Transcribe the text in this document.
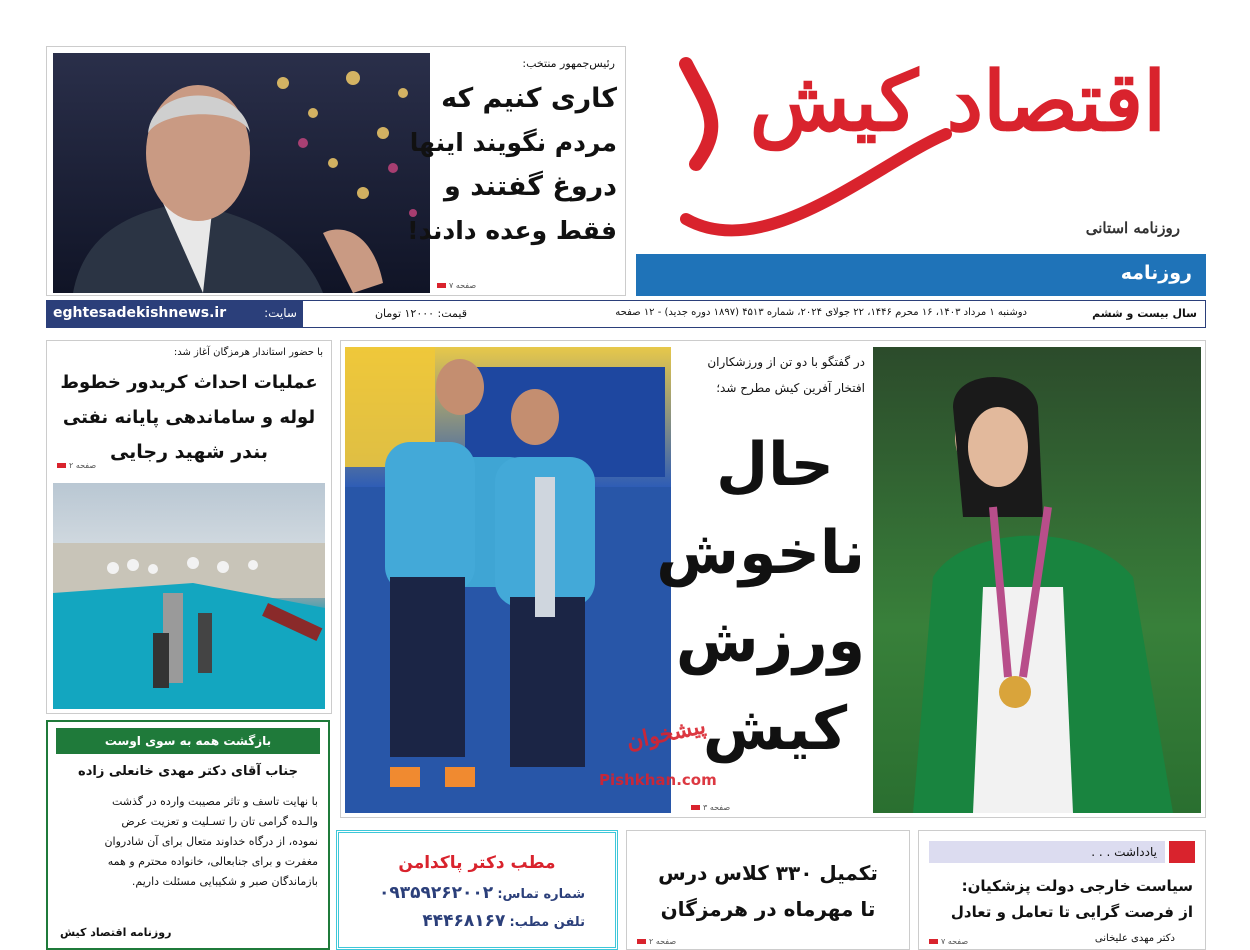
اقتصاد کیش
روزنامه استانی
روزنامه
رئیس‌جمهور منتخب:
کاری کنیم که
مردم نگویند اینها
دروغ گفتند و
فقط وعده دادند!
صفحه ۷
eghtesadekishnews.ir	سایت:	قیمت: ۱۲۰۰۰ تومان	دوشنبه ۱ مرداد ۱۴۰۳، ۱۶ محرم ۱۴۴۶، ۲۲ جولای ۲۰۲۴، شماره ۴۵۱۳ (۱۸۹۷ دوره جدید) - ۱۲ صفحه	سال بیست و ششم
با حضور استاندار هرمزگان آغاز شد:
عملیات احداث کریدور خطوط
لوله و ساماندهی پایانه نفتی
بندر شهید رجایی
صفحه ۲
در گفتگو با دو تن از ورزشکاران
افتخار آفرین کیش مطرح شد؛
حال
ناخوش
ورزش
کیش
صفحه ۳
پیشخوان
Pishkhan.com
بازگشت همه به سوی اوست
جناب آقای دکتر مهدی خانعلی زاده
با نهایت تاسف و تاثر مصیبت وارده در گذشت
والـده گرامی تان را تسـلیت و تعزیت عرض
نموده، از درگاه خداوند متعال برای آن شادروان
مغفرت و برای جنابعالی، خانواده محترم و همه
بازماندگان صبر و شکیبایی مسئلت داریم.
روزنامه اقتصاد کیش
مطب دکتر پاکدامن
شماره تماس: ۰۹۳۵۹۲۶۲۰۰۲
تلفن مطب: ۴۴۴۶۸۱۶۷
تکمیل ۳۳۰ کلاس درس
تا مهرماه در هرمزگان
صفحه ۲
یادداشت . . .
سیاست خارجی دولت پزشکیان:
از فرصت گرایی تا تعامل و تعادل
دکتر مهدی علیخانی
صفحه ۷
